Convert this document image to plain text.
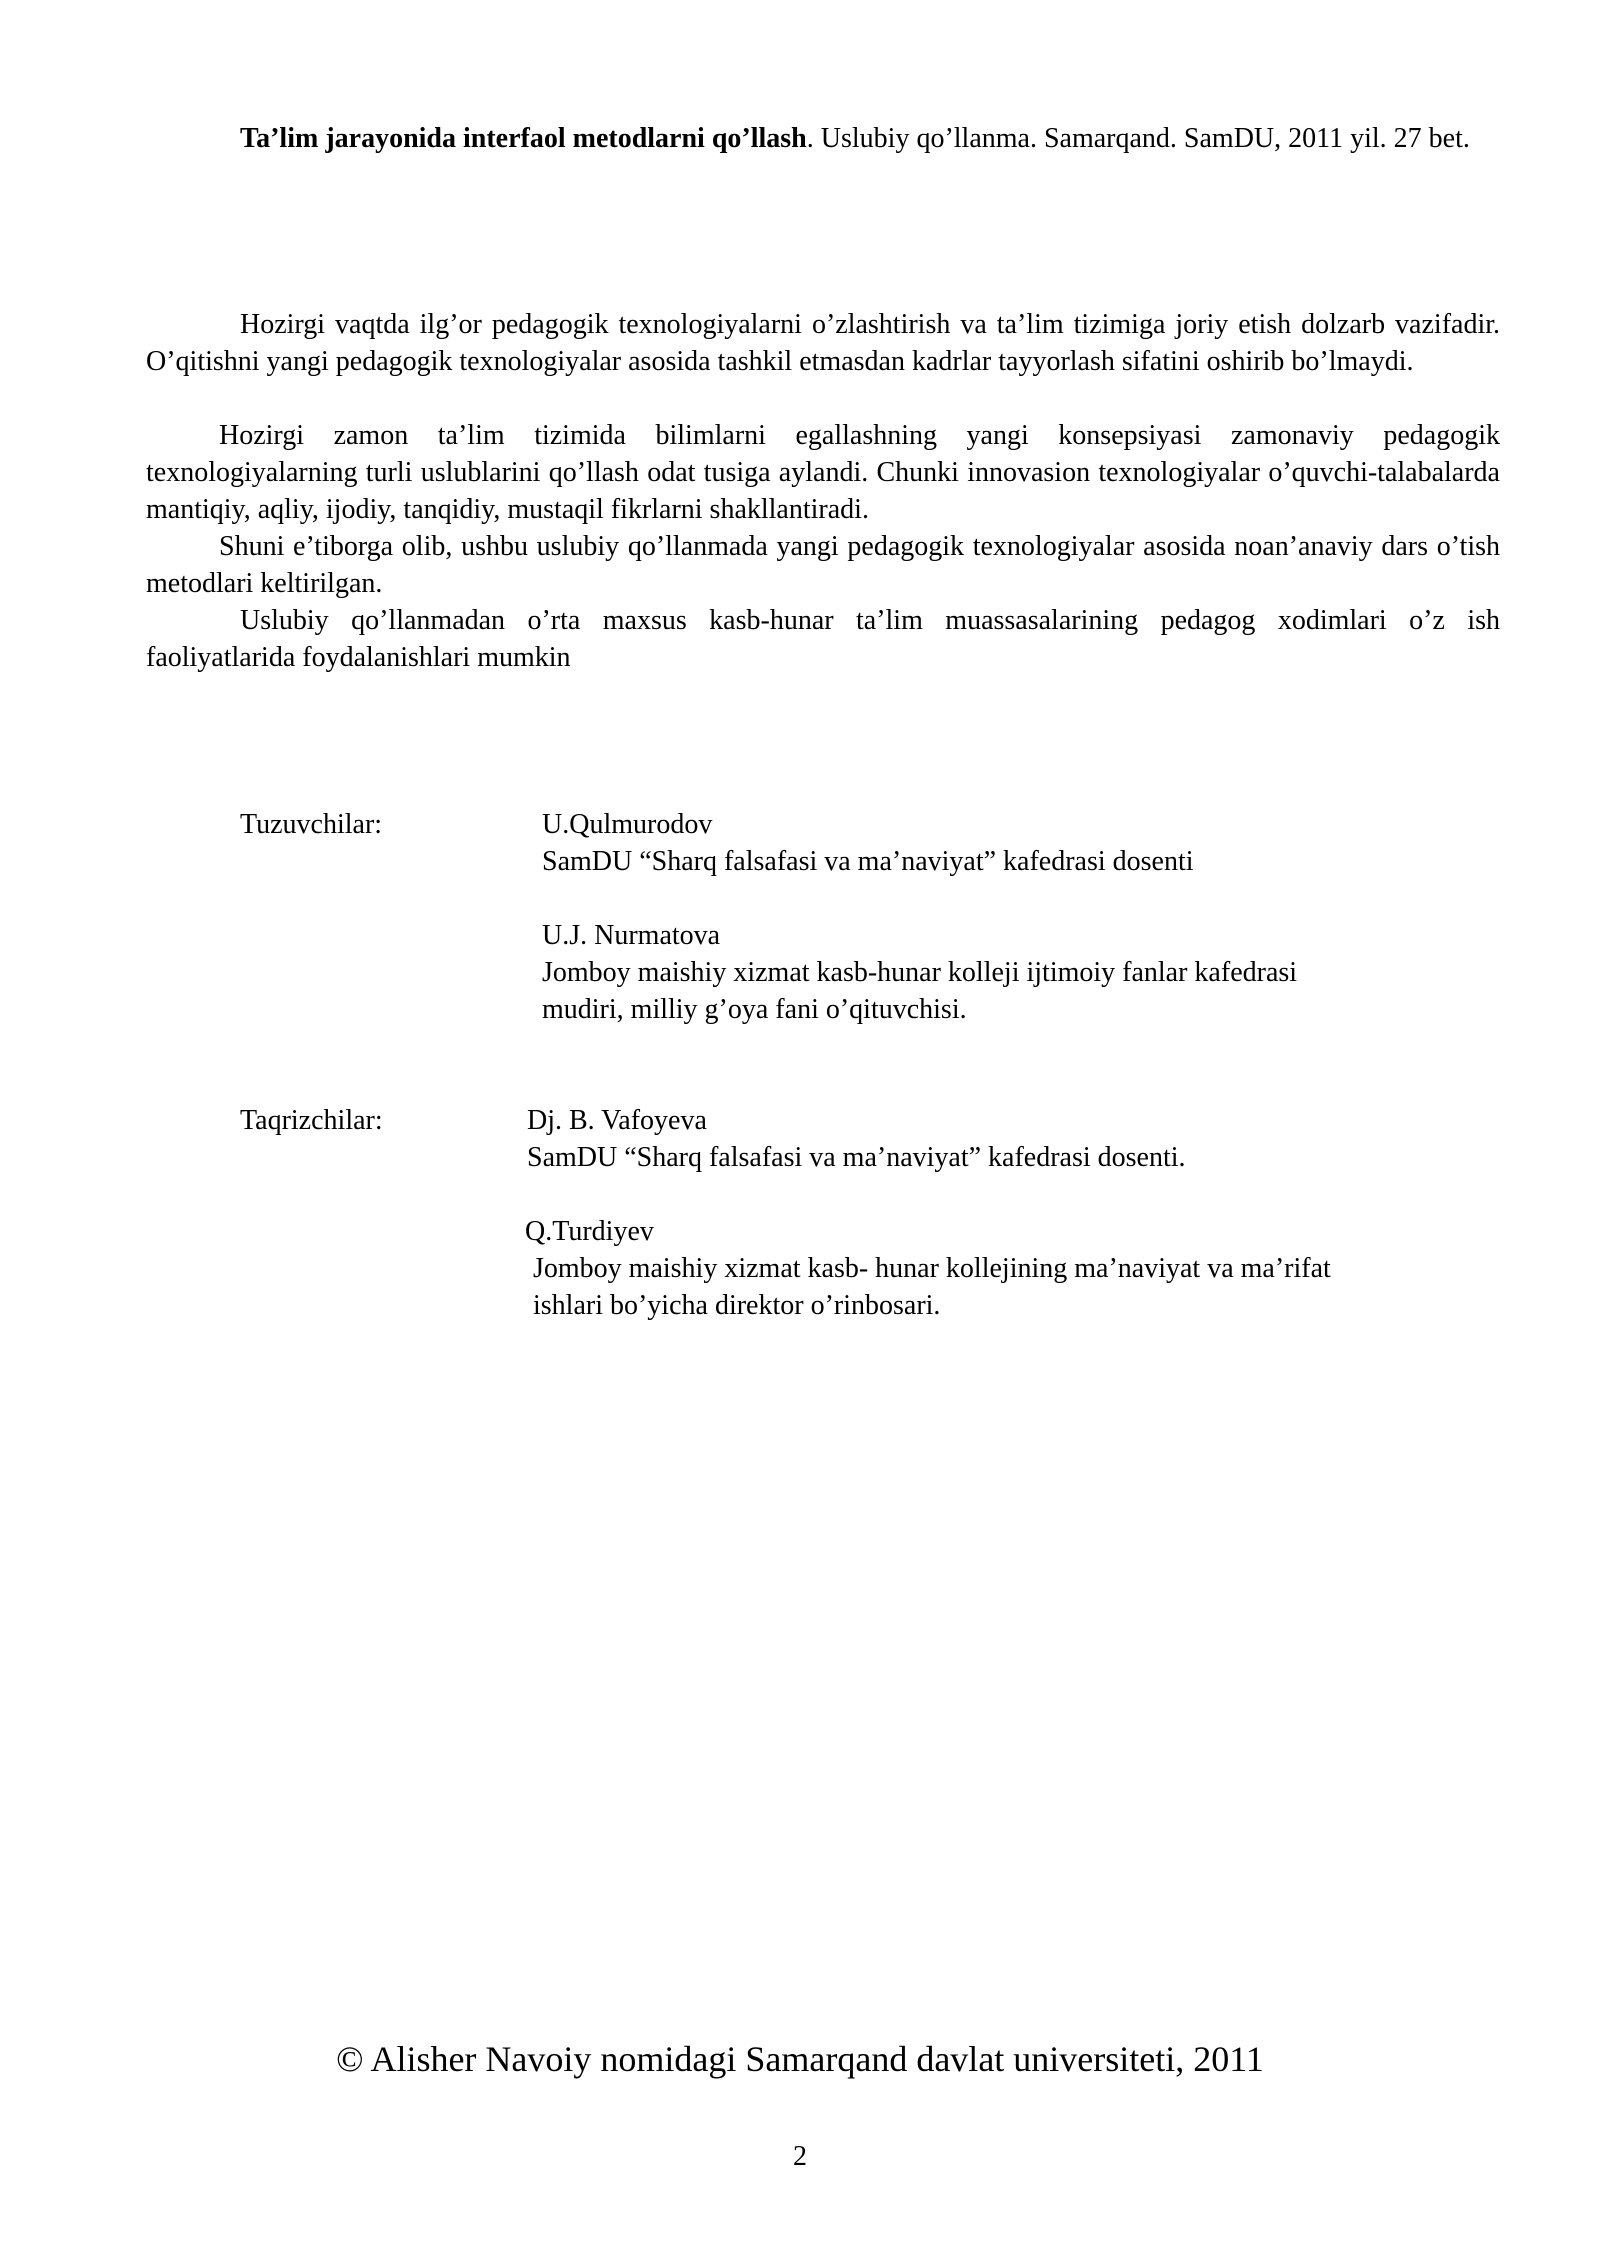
Ta’lim jarayonida interfaol metodlarni qo’llash. Uslubiy qo’llanma. Samarqand. SamDU, 2011 yil. 27 bet.

Hozirgi vaqtda ilg’or pedagogik texnologiyalarni o’zlashtirish va ta’lim tizimiga joriy etish dolzarb vazifadir. O’qitishni yangi pedagogik texnologiyalar asosida tashkil etmasdan kadrlar tayyorlash sifatini oshirib bo’lmaydi.

Hozirgi zamon ta’lim tizimida bilimlarni egallashning yangi konsepsiyasi zamonaviy pedagogik texnologiyalarning turli uslublarini qo’llash odat tusiga aylandi. Chunki innovasion texnologiyalar o’quvchi-talabalarda mantiqiy, aqliy, ijodiy, tanqidiy, mustaqil fikrlarni shakllantiradi.

Shuni e’tiborga olib, ushbu uslubiy qo’llanmada yangi pedagogik texnologiyalar asosida noan’anaviy dars o’tish metodlari keltirilgan.

Uslubiy qo’llanmadan o’rta maxsus kasb-hunar ta’lim muassasalarining pedagog xodimlari o’z ish faoliyatlarida foydalanishlari mumkin

Tuzuvchilar:	U.Qulmurodov
SamDU “Sharq falsafasi va ma’naviyat” kafedrasi dosenti
U.J. Nurmatova
Jomboy maishiy xizmat kasb-hunar kolleji ijtimoiy fanlar kafedrasi
mudiri, milliy g’oya fani o’qituvchisi.

Taqrizchilar:	Dj. B. Vafoyeva
SamDU “Sharq falsafasi va ma’naviyat” kafedrasi dosenti.
Q.Turdiyev
Jomboy maishiy xizmat kasb- hunar kollejining ma’naviyat va ma’rifat
ishlari bo’yicha direktor o’rinbosari.

© Alisher Navoiy nomidagi Samarqand davlat universiteti, 2011

2
